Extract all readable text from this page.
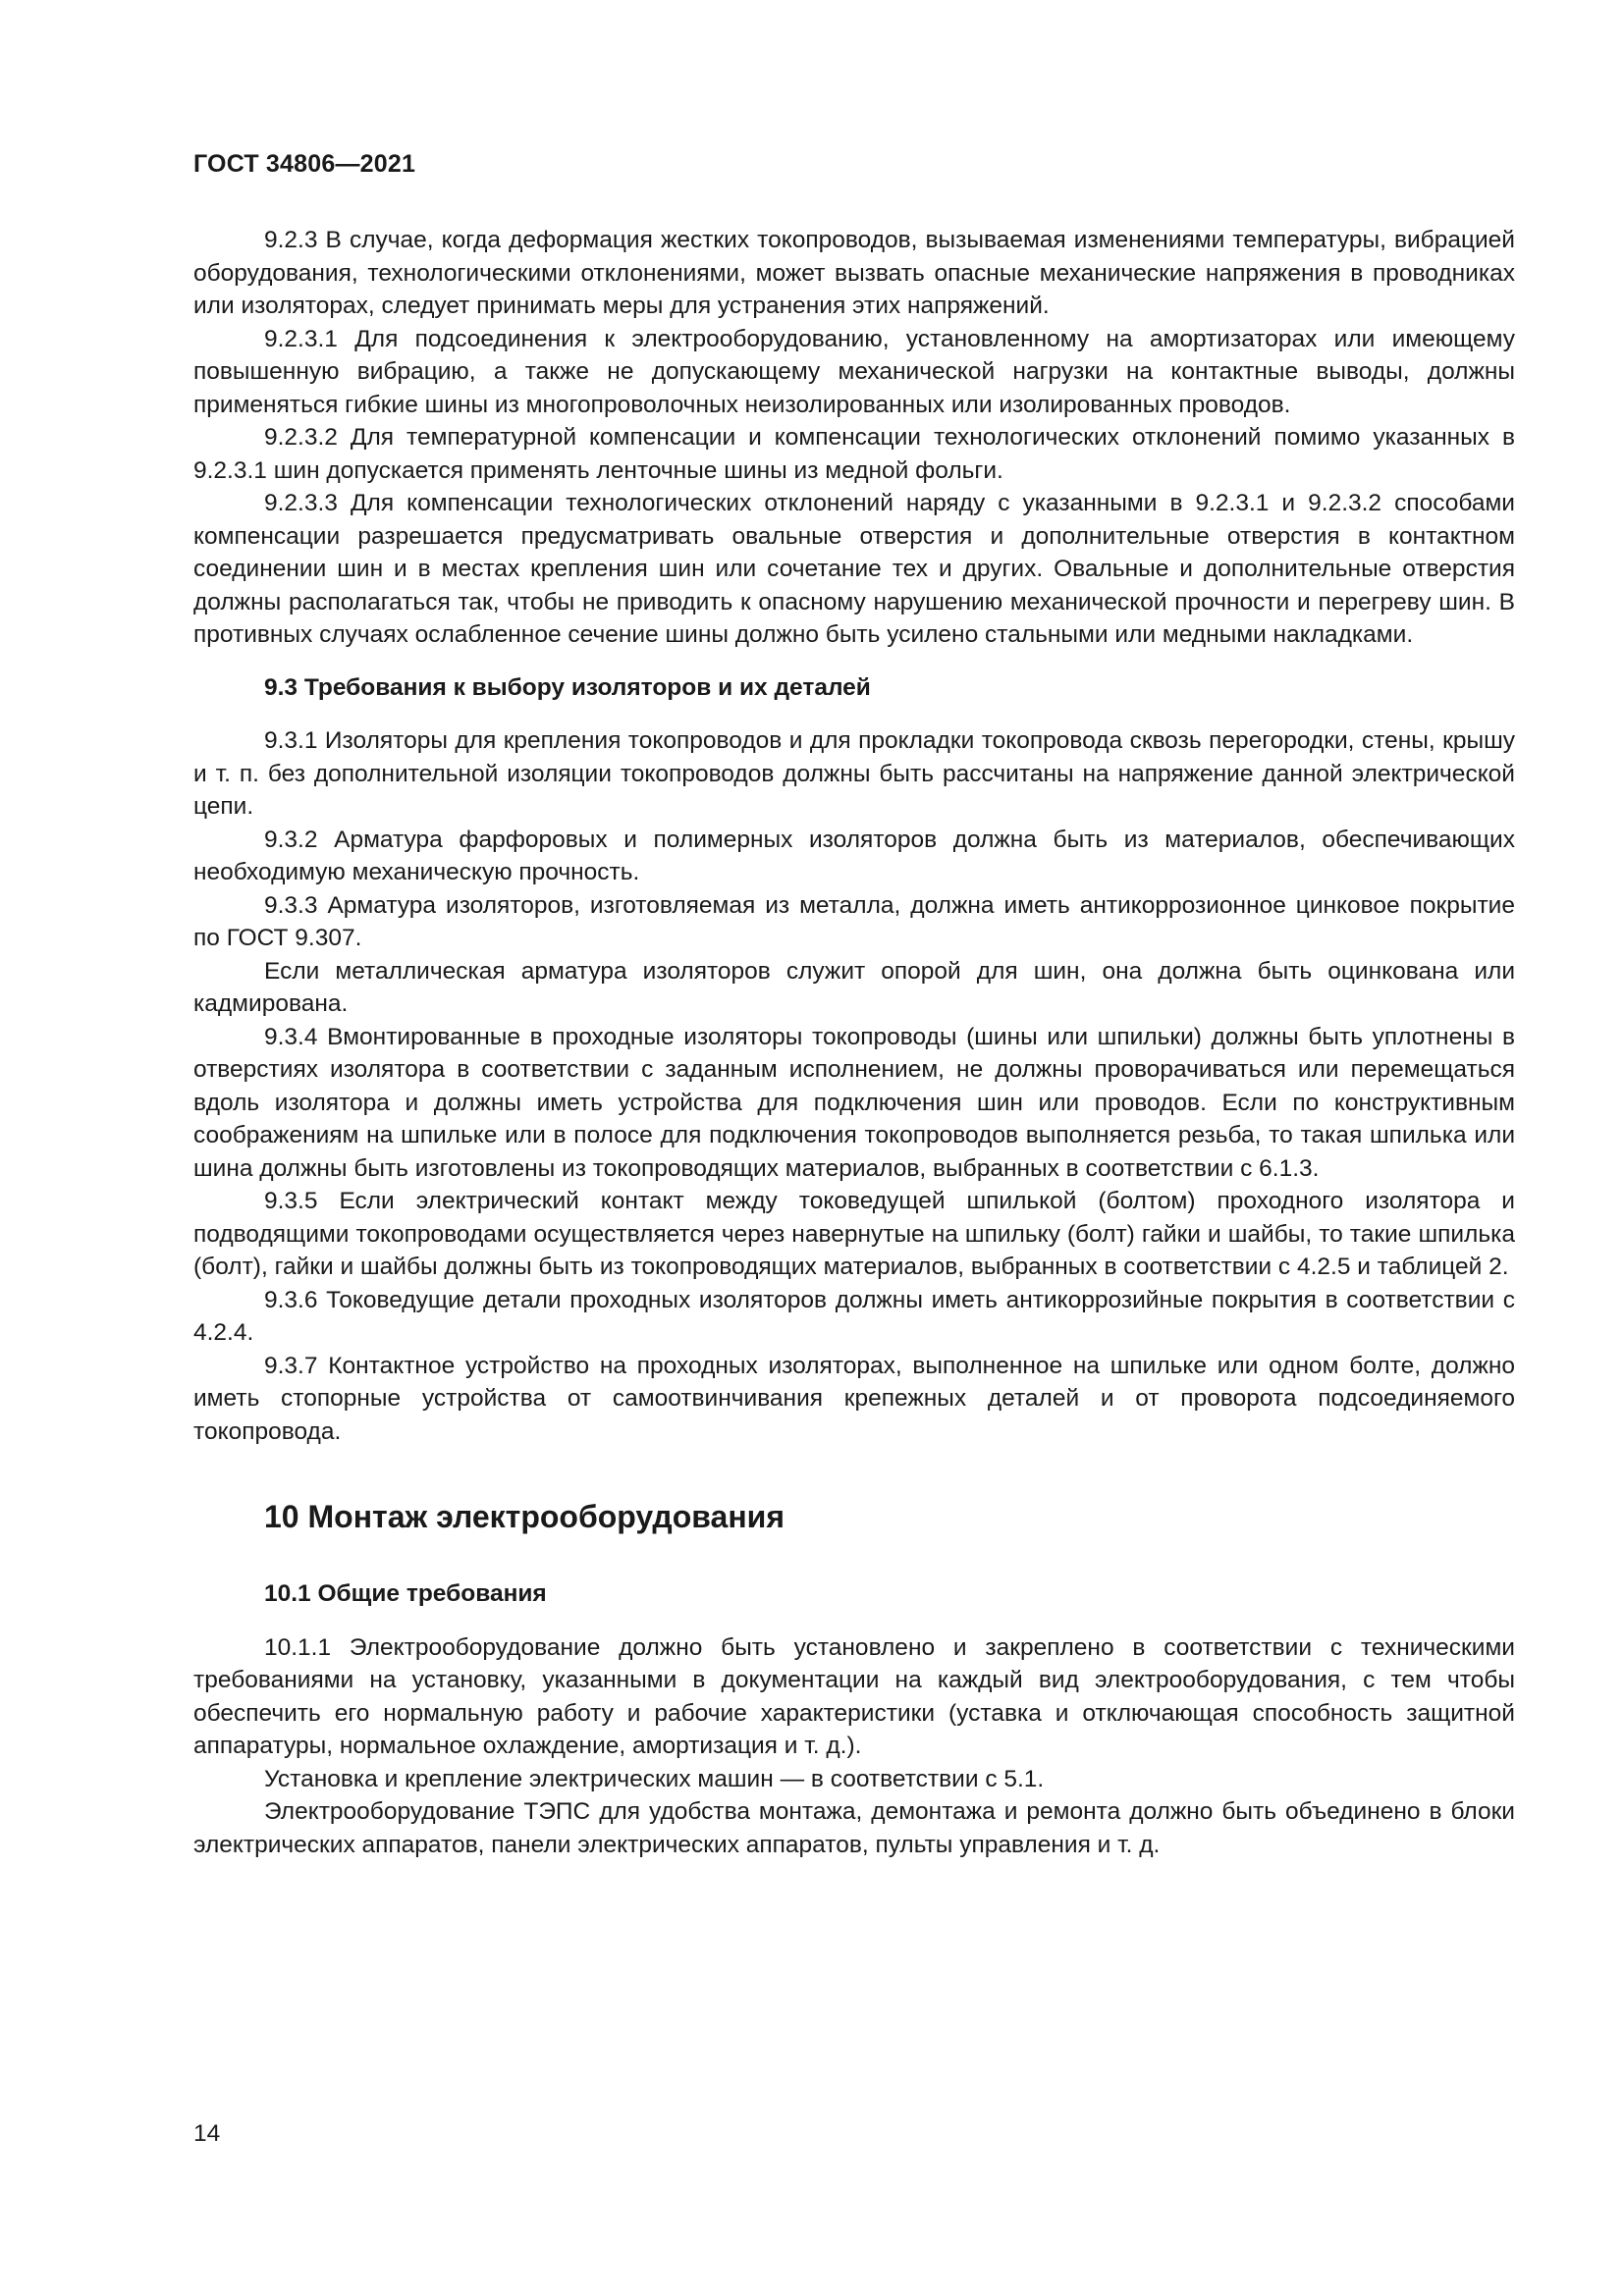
ГОСТ 34806—2021

9.2.3 В случае, когда деформация жестких токопроводов, вызываемая изменениями температуры, вибрацией оборудования, технологическими отклонениями, может вызвать опасные механические напряжения в проводниках или изоляторах, следует принимать меры для устранения этих напряжений.

9.2.3.1 Для подсоединения к электрооборудованию, установленному на амортизаторах или имеющему повышенную вибрацию, а также не допускающему механической нагрузки на контактные выводы, должны применяться гибкие шины из многопроволочных неизолированных или изолированных проводов.

9.2.3.2 Для температурной компенсации и компенсации технологических отклонений помимо указанных в 9.2.3.1 шин допускается применять ленточные шины из медной фольги.

9.2.3.3 Для компенсации технологических отклонений наряду с указанными в 9.2.3.1 и 9.2.3.2 способами компенсации разрешается предусматривать овальные отверстия и дополнительные отверстия в контактном соединении шин и в местах крепления шин или сочетание тех и других. Овальные и дополнительные отверстия должны располагаться так, чтобы не приводить к опасному нарушению механической прочности и перегреву шин. В противных случаях ослабленное сечение шины должно быть усилено стальными или медными накладками.

9.3 Требования к выбору изоляторов и их деталей

9.3.1 Изоляторы для крепления токопроводов и для прокладки токопровода сквозь перегородки, стены, крышу и т. п. без дополнительной изоляции токопроводов должны быть рассчитаны на напряжение данной электрической цепи.

9.3.2 Арматура фарфоровых и полимерных изоляторов должна быть из материалов, обеспечивающих необходимую механическую прочность.

9.3.3 Арматура изоляторов, изготовляемая из металла, должна иметь антикоррозионное цинковое покрытие по ГОСТ 9.307.

Если металлическая арматура изоляторов служит опорой для шин, она должна быть оцинкована или кадмирована.

9.3.4 Вмонтированные в проходные изоляторы токопроводы (шины или шпильки) должны быть уплотнены в отверстиях изолятора в соответствии с заданным исполнением, не должны проворачиваться или перемещаться вдоль изолятора и должны иметь устройства для подключения шин или проводов. Если по конструктивным соображениям на шпильке или в полосе для подключения токопроводов выполняется резьба, то такая шпилька или шина должны быть изготовлены из токопроводящих материалов, выбранных в соответствии с 6.1.3.

9.3.5 Если электрический контакт между токоведущей шпилькой (болтом) проходного изолятора и подводящими токопроводами осуществляется через навернутые на шпильку (болт) гайки и шайбы, то такие шпилька (болт), гайки и шайбы должны быть из токопроводящих материалов, выбранных в соответствии с 4.2.5 и таблицей 2.

9.3.6 Токоведущие детали проходных изоляторов должны иметь антикоррозийные покрытия в соответствии с 4.2.4.

9.3.7 Контактное устройство на проходных изоляторах, выполненное на шпильке или одном болте, должно иметь стопорные устройства от самоотвинчивания крепежных деталей и от проворота подсоединяемого токопровода.

10 Монтаж электрооборудования
10.1 Общие требования

10.1.1 Электрооборудование должно быть установлено и закреплено в соответствии с техническими требованиями на установку, указанными в документации на каждый вид электрооборудования, с тем чтобы обеспечить его нормальную работу и рабочие характеристики (уставка и отключающая способность защитной аппаратуры, нормальное охлаждение, амортизация и т. д.).

Установка и крепление электрических машин — в соответствии с 5.1.

Электрооборудование ТЭПС для удобства монтажа, демонтажа и ремонта должно быть объединено в блоки электрических аппаратов, панели электрических аппаратов, пульты управления и т. д.

14
